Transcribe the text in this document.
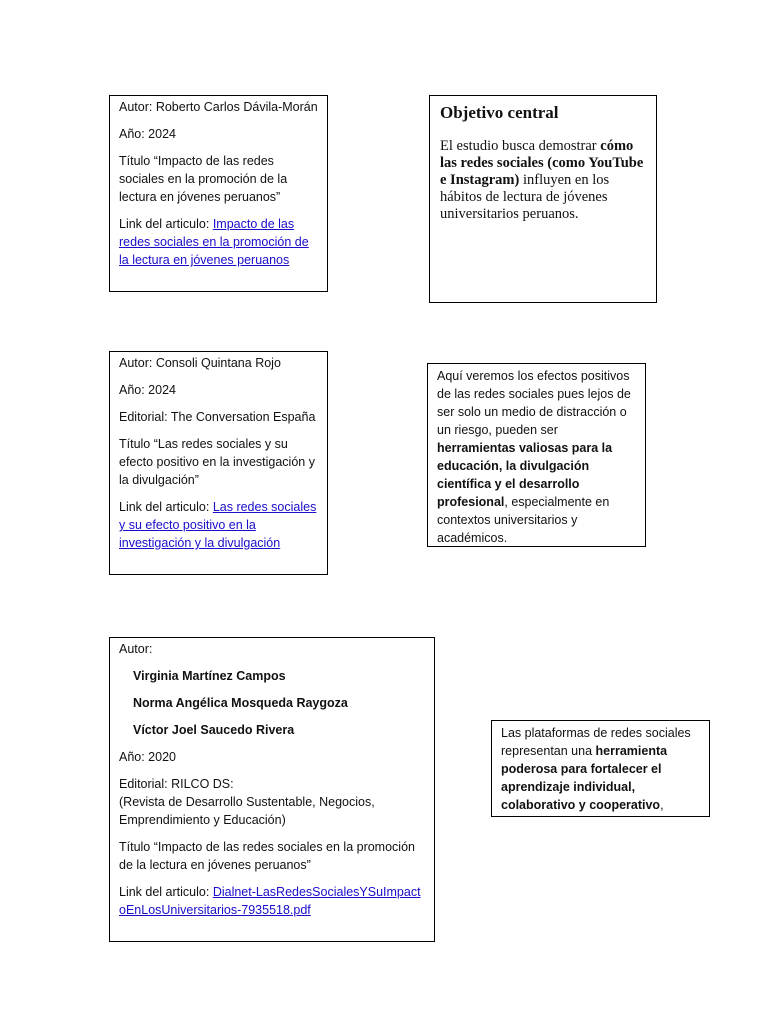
Autor: Roberto Carlos Dávila-Morán

Año: 2024

Título “Impacto de las redes sociales en la promoción de la lectura en jóvenes peruanos”

Link del articulo: Impacto de las redes sociales en la promoción de la lectura en jóvenes peruanos

Objetivo central

El estudio busca demostrar cómo las redes sociales (como YouTube e Instagram) influyen en los hábitos de lectura de jóvenes universitarios peruanos.

Autor: Consoli Quintana Rojo

Año: 2024

Editorial: The Conversation España

Título “Las redes sociales y su efecto positivo en la investigación y la divulgación”

Link del articulo: Las redes sociales y su efecto positivo en la investigación y la divulgación

Aquí veremos los efectos positivos de las redes sociales pues lejos de ser solo un medio de distracción o un riesgo, pueden ser herramientas valiosas para la educación, la divulgación científica y el desarrollo profesional, especialmente en contextos universitarios y académicos.

Autor:

Virginia Martínez Campos

Norma Angélica Mosqueda Raygoza

Víctor Joel Saucedo Rivera

Año: 2020

Editorial: RILCO DS:
(Revista de Desarrollo Sustentable, Negocios, Emprendimiento y Educación)

Título “Impacto de las redes sociales en la promoción de la lectura en jóvenes peruanos”

Link del articulo: Dialnet-LasRedesSocialesYSuImpactoEnLosUniversitarios-7935518.pdf

Las plataformas de redes sociales representan una herramienta poderosa para fortalecer el aprendizaje individual, colaborativo y cooperativo,
